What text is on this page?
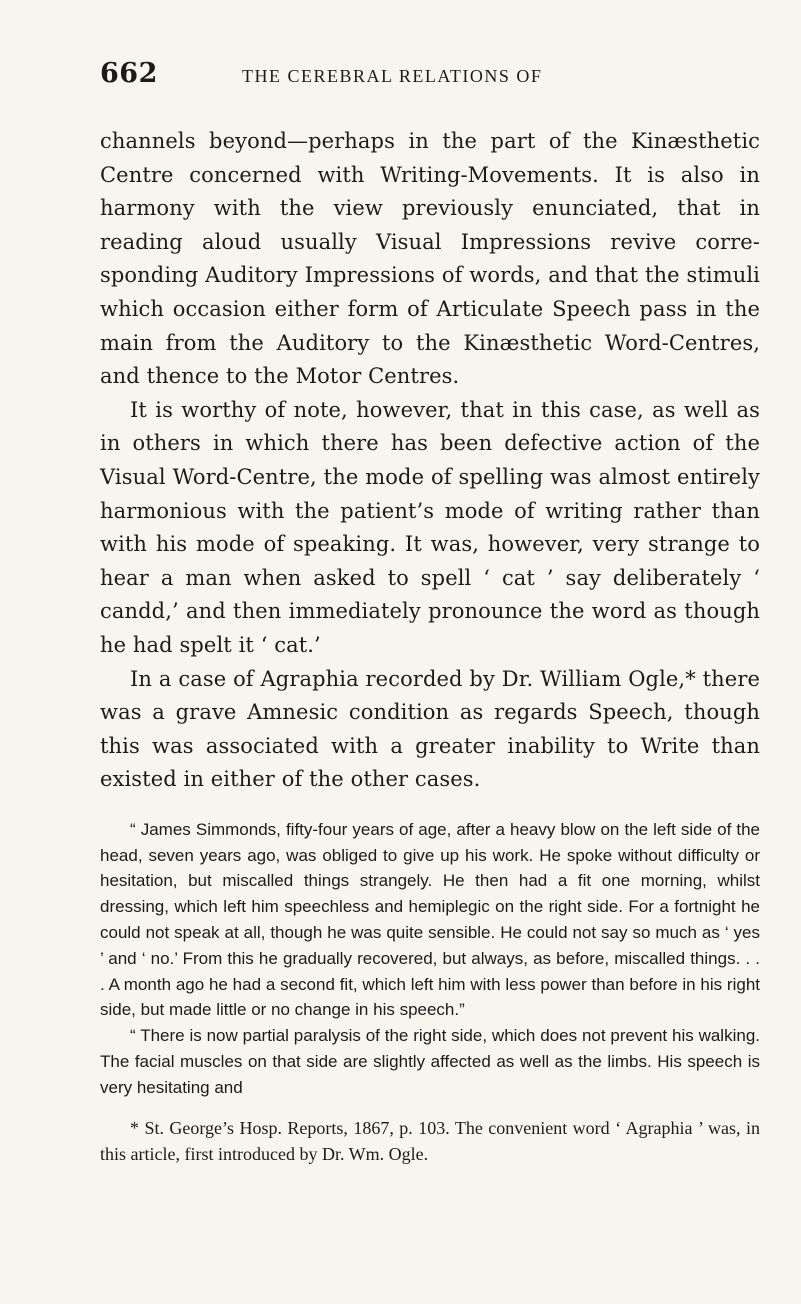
662	THE CEREBRAL RELATIONS OF

channels beyond—perhaps in the part of the Kinæsthetic Centre concerned with Writing-Movements. It is also in harmony with the view previously enunciated, that in reading aloud usually Visual Impressions revive corre-sponding Auditory Impressions of words, and that the stimuli which occasion either form of Articulate Speech pass in the main from the Auditory to the Kinæsthetic Word-Centres, and thence to the Motor Centres.

It is worthy of note, however, that in this case, as well as in others in which there has been defective action of the Visual Word-Centre, the mode of spelling was almost entirely harmonious with the patient’s mode of writing rather than with his mode of speaking. It was, however, very strange to hear a man when asked to spell ‘ cat ’ say deliberately ‘ candd,’ and then immediately pronounce the word as though he had spelt it ‘ cat.’

In a case of Agraphia recorded by Dr. William Ogle,* there was a grave Amnesic condition as regards Speech, though this was associated with a greater inability to Write than existed in either of the other cases.

“ James Simmonds, fifty-four years of age, after a heavy blow on the left side of the head, seven years ago, was obliged to give up his work. He spoke without difficulty or hesitation, but miscalled things strangely. He then had a fit one morning, whilst dressing, which left him speechless and hemiplegic on the right side. For a fortnight he could not speak at all, though he was quite sensible. He could not say so much as ‘ yes ’ and ‘ no.’ From this he gradually recovered, but always, as before, miscalled things. . . . A month ago he had a second fit, which left him with less power than before in his right side, but made little or no change in his speech.”

“ There is now partial paralysis of the right side, which does not prevent his walking. The facial muscles on that side are slightly affected as well as the limbs. His speech is very hesitating and

* St. George’s Hosp. Reports, 1867, p. 103. The convenient word ‘ Agraphia ’ was, in this article, first introduced by Dr. Wm. Ogle.
